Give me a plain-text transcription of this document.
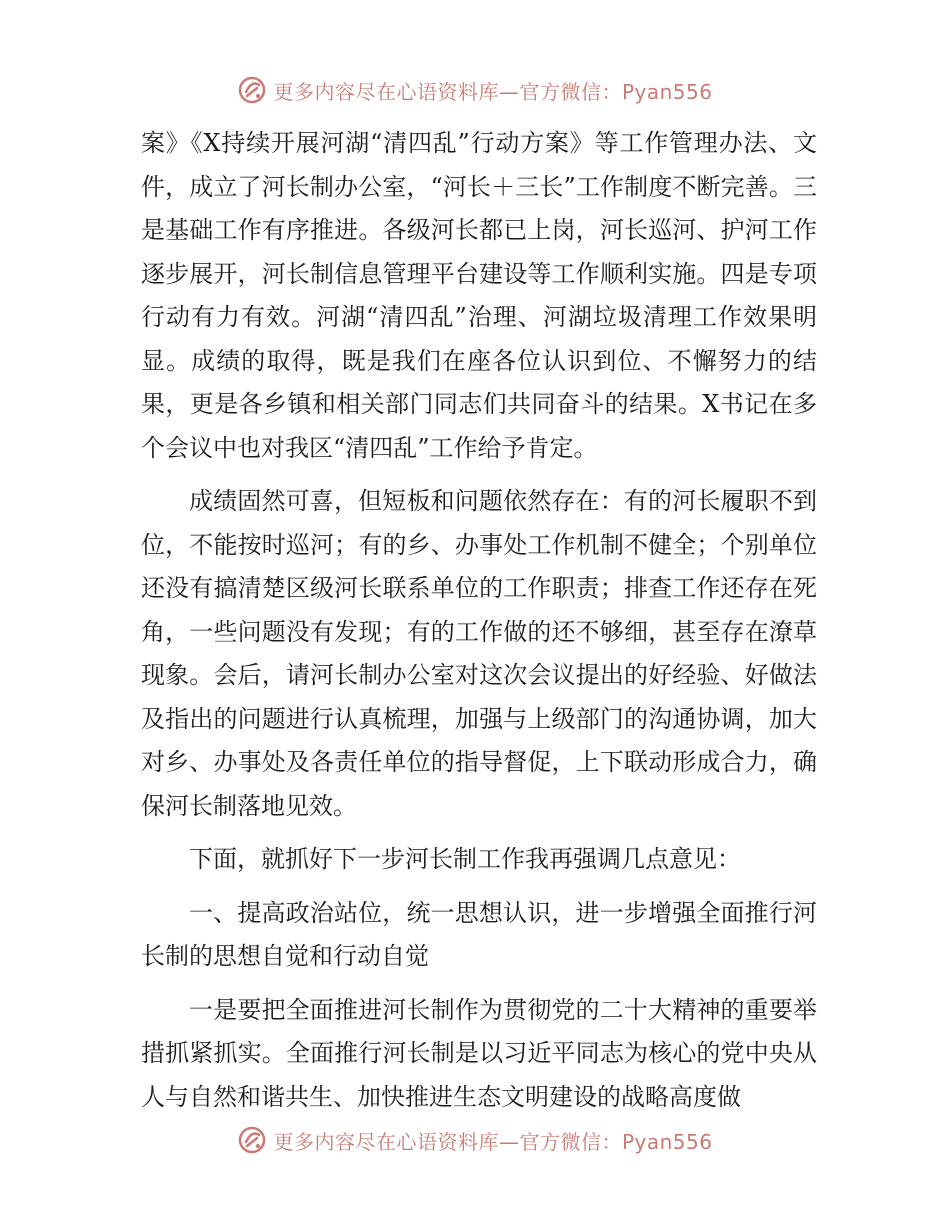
更多内容尽在心语资料库—官方微信：Pyan556

案》《X持续开展河湖“清四乱”行动方案》等工作管理办法、文件，成立了河长制办公室，“河长＋三长”工作制度不断完善。三是基础工作有序推进。各级河长都已上岗，河长巡河、护河工作逐步展开，河长制信息管理平台建设等工作顺利实施。四是专项行动有力有效。河湖“清四乱”治理、河湖垃圾清理工作效果明显。成绩的取得，既是我们在座各位认识到位、不懈努力的结果，更是各乡镇和相关部门同志们共同奋斗的结果。X书记在多个会议中也对我区“清四乱”工作给予肯定。

成绩固然可喜，但短板和问题依然存在：有的河长履职不到位，不能按时巡河；有的乡、办事处工作机制不健全；个别单位还没有搞清楚区级河长联系单位的工作职责；排查工作还存在死角，一些问题没有发现；有的工作做的还不够细，甚至存在潦草现象。会后，请河长制办公室对这次会议提出的好经验、好做法及指出的问题进行认真梳理，加强与上级部门的沟通协调，加大对乡、办事处及各责任单位的指导督促，上下联动形成合力，确保河长制落地见效。

下面，就抓好下一步河长制工作我再强调几点意见：

一、提高政治站位，统一思想认识，进一步增强全面推行河长制的思想自觉和行动自觉

一是要把全面推进河长制作为贯彻党的二十大精神的重要举措抓紧抓实。全面推行河长制是以习近平同志为核心的党中央从人与自然和谐共生、加快推进生态文明建设的战略高度做

更多内容尽在心语资料库—官方微信：Pyan556
